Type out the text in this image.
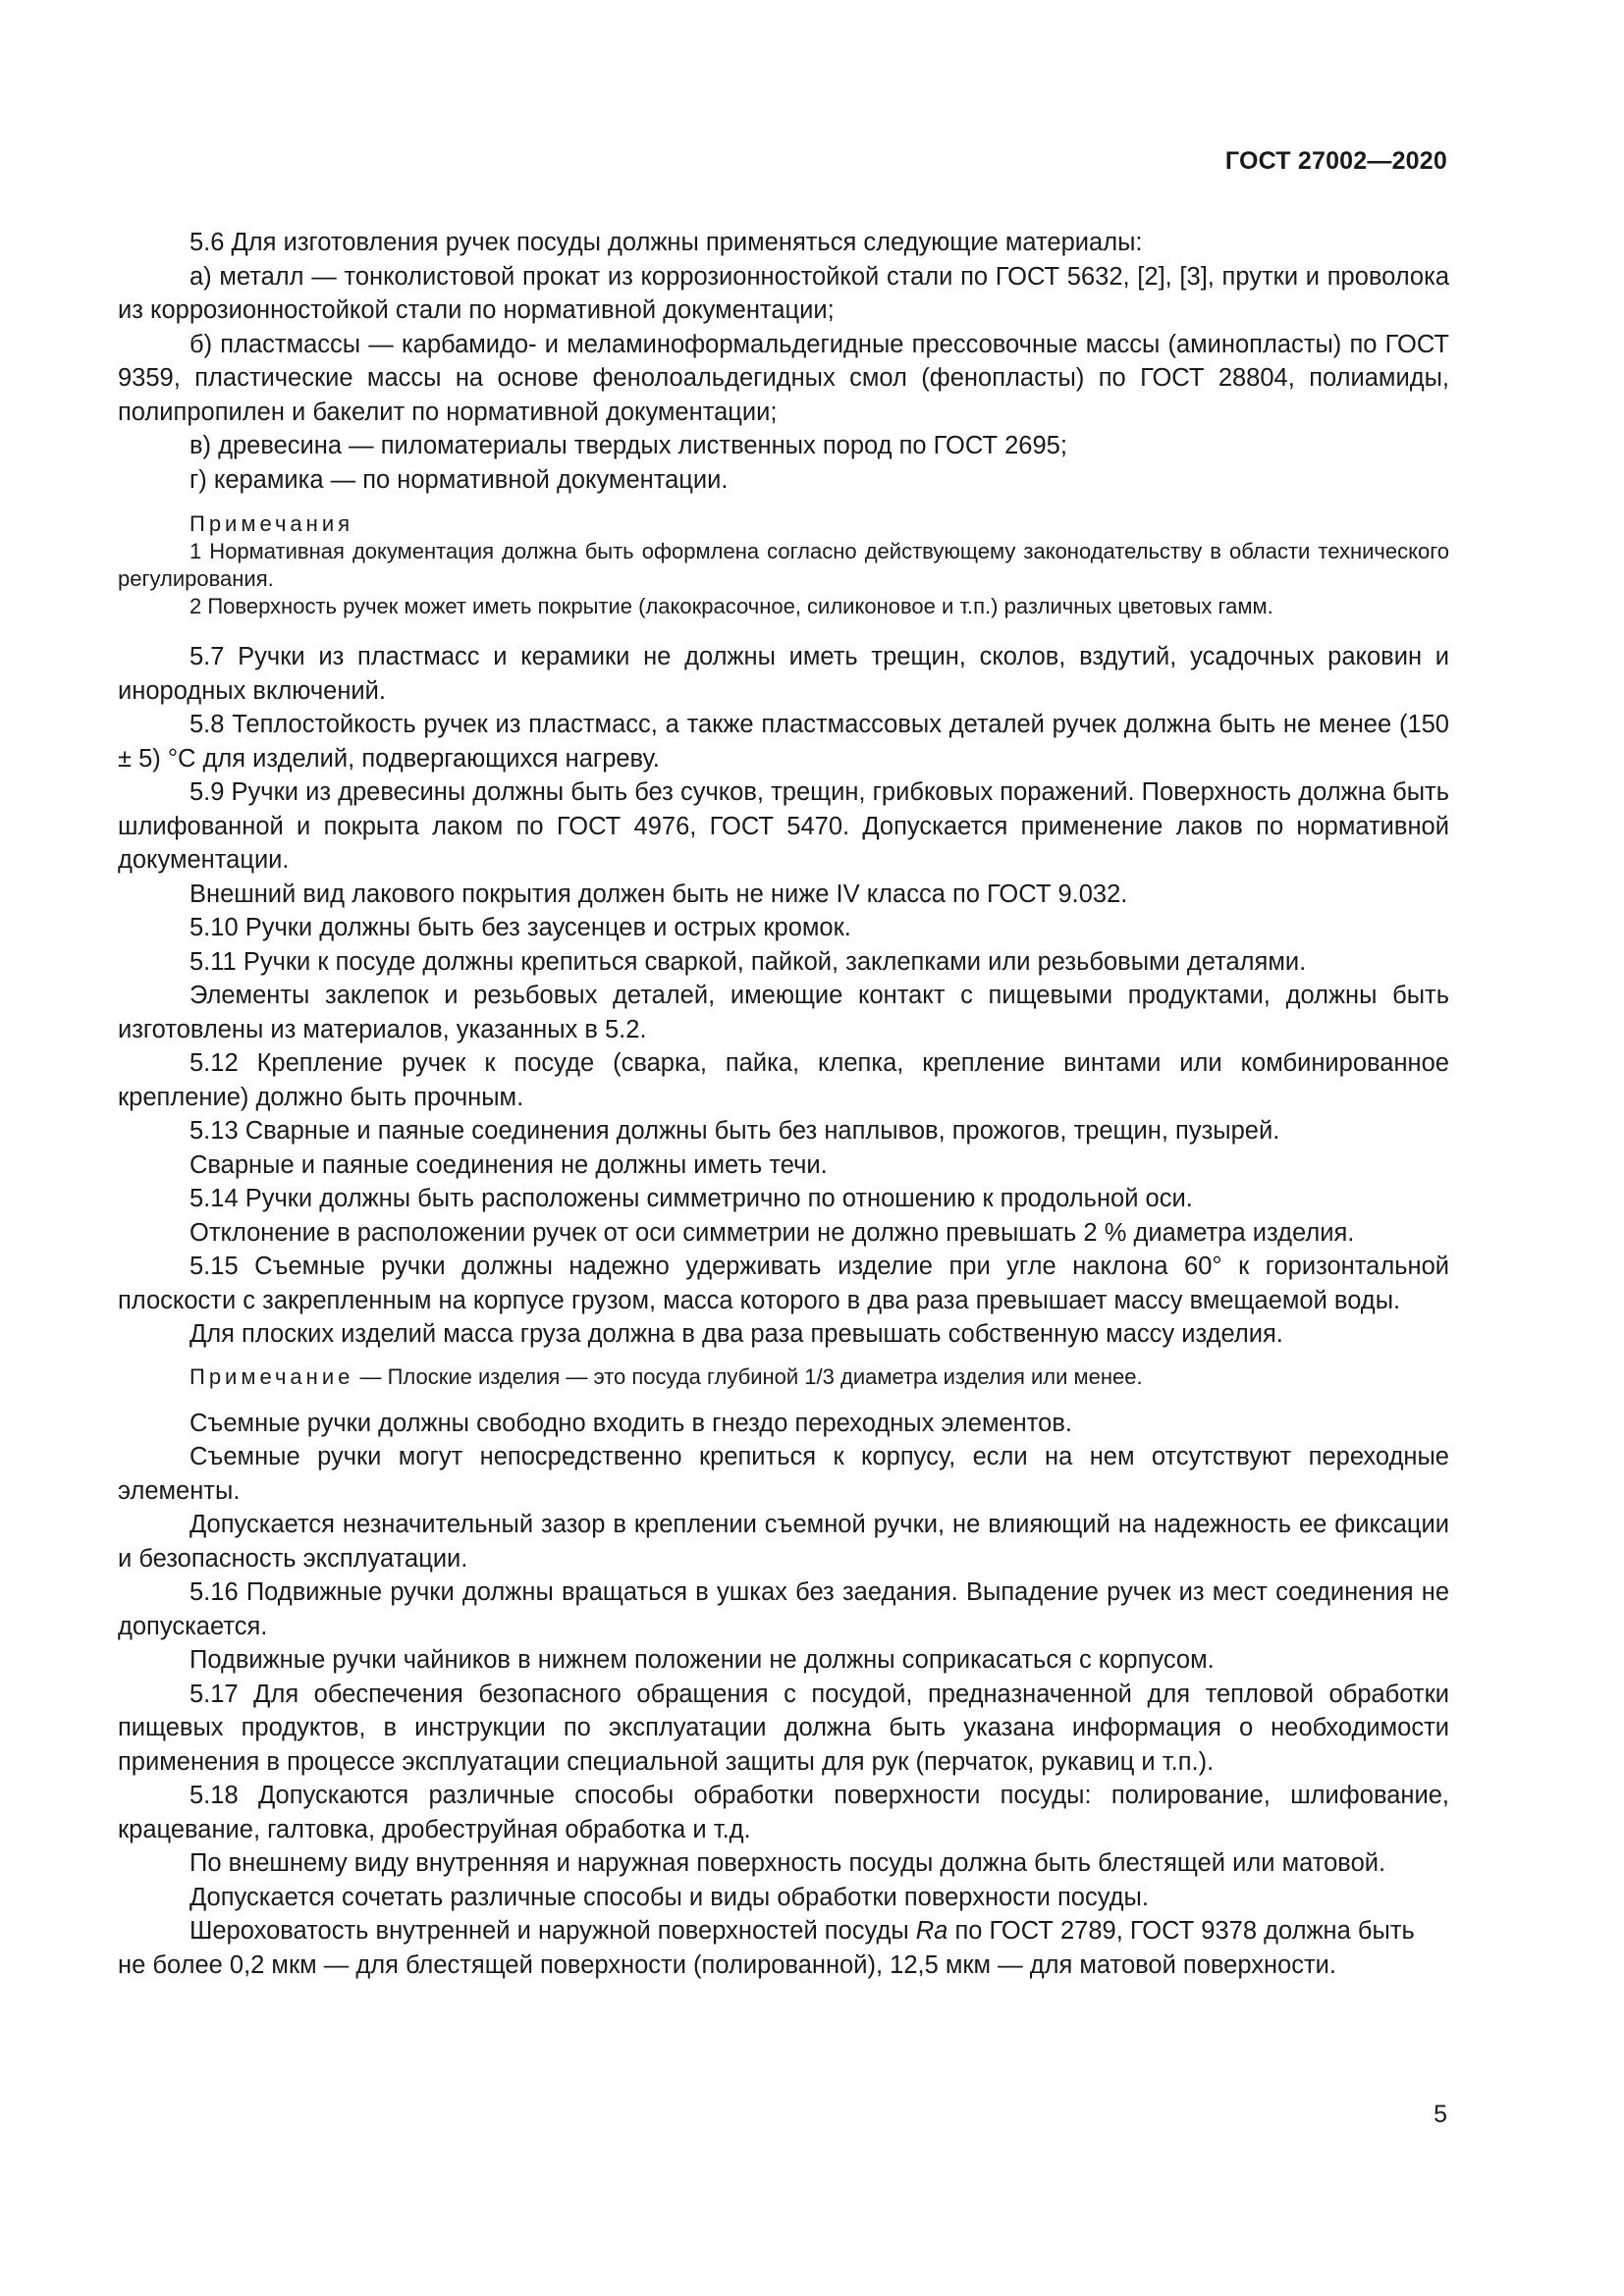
ГОСТ 27002—2020

5.6 Для изготовления ручек посуды должны применяться следующие материалы:

а) металл — тонколистовой прокат из коррозионностойкой стали по ГОСТ 5632, [2], [3], прутки и проволока из коррозионностойкой стали по нормативной документации;

б) пластмассы — карбамидо- и меламиноформальдегидные прессовочные массы (аминопласты) по ГОСТ 9359, пластические массы на основе фенолоальдегидных смол (фенопласты) по ГОСТ 28804, полиамиды, полипропилен и бакелит по нормативной документации;

в) древесина — пиломатериалы твердых лиственных пород по ГОСТ 2695;

г) керамика — по нормативной документации.

Примечания

1 Нормативная документация должна быть оформлена согласно действующему законодательству в области технического регулирования.

2 Поверхность ручек может иметь покрытие (лакокрасочное, силиконовое и т.п.) различных цветовых гамм.

5.7 Ручки из пластмасс и керамики не должны иметь трещин, сколов, вздутий, усадочных раковин и инородных включений.

5.8 Теплостойкость ручек из пластмасс, а также пластмассовых деталей ручек должна быть не менее (150 ± 5) °С для изделий, подвергающихся нагреву.

5.9 Ручки из древесины должны быть без сучков, трещин, грибковых поражений. Поверхность должна быть шлифованной и покрыта лаком по ГОСТ 4976, ГОСТ 5470. Допускается применение лаков по нормативной документации.

Внешний вид лакового покрытия должен быть не ниже IV класса по ГОСТ 9.032.

5.10 Ручки должны быть без заусенцев и острых кромок.

5.11 Ручки к посуде должны крепиться сваркой, пайкой, заклепками или резьбовыми деталями.

Элементы заклепок и резьбовых деталей, имеющие контакт с пищевыми продуктами, должны быть изготовлены из материалов, указанных в 5.2.

5.12 Крепление ручек к посуде (сварка, пайка, клепка, крепление винтами или комбинированное крепление) должно быть прочным.

5.13 Сварные и паяные соединения должны быть без наплывов, прожогов, трещин, пузырей.

Сварные и паяные соединения не должны иметь течи.

5.14 Ручки должны быть расположены симметрично по отношению к продольной оси.

Отклонение в расположении ручек от оси симметрии не должно превышать 2 % диаметра изделия.

5.15 Съемные ручки должны надежно удерживать изделие при угле наклона 60° к горизонтальной плоскости с закрепленным на корпусе грузом, масса которого в два раза превышает массу вмещаемой воды.

Для плоских изделий масса груза должна в два раза превышать собственную массу изделия.

Примечание — Плоские изделия — это посуда глубиной 1/3 диаметра изделия или менее.

Съемные ручки должны свободно входить в гнездо переходных элементов.

Съемные ручки могут непосредственно крепиться к корпусу, если на нем отсутствуют переходные элементы.

Допускается незначительный зазор в креплении съемной ручки, не влияющий на надежность ее фиксации и безопасность эксплуатации.

5.16 Подвижные ручки должны вращаться в ушках без заедания. Выпадение ручек из мест соединения не допускается.

Подвижные ручки чайников в нижнем положении не должны соприкасаться с корпусом.

5.17 Для обеспечения безопасного обращения с посудой, предназначенной для тепловой обработки пищевых продуктов, в инструкции по эксплуатации должна быть указана информация о необходимости применения в процессе эксплуатации специальной защиты для рук (перчаток, рукавиц и т.п.).

5.18 Допускаются различные способы обработки поверхности посуды: полирование, шлифование, крацевание, галтовка, дробеструйная обработка и т.д.

По внешнему виду внутренняя и наружная поверхность посуды должна быть блестящей или матовой.

Допускается сочетать различные способы и виды обработки поверхности посуды.

Шероховатость внутренней и наружной поверхностей посуды Ra по ГОСТ 2789, ГОСТ 9378 должна быть не более 0,2 мкм — для блестящей поверхности (полированной), 12,5 мкм — для матовой поверхности.

5
